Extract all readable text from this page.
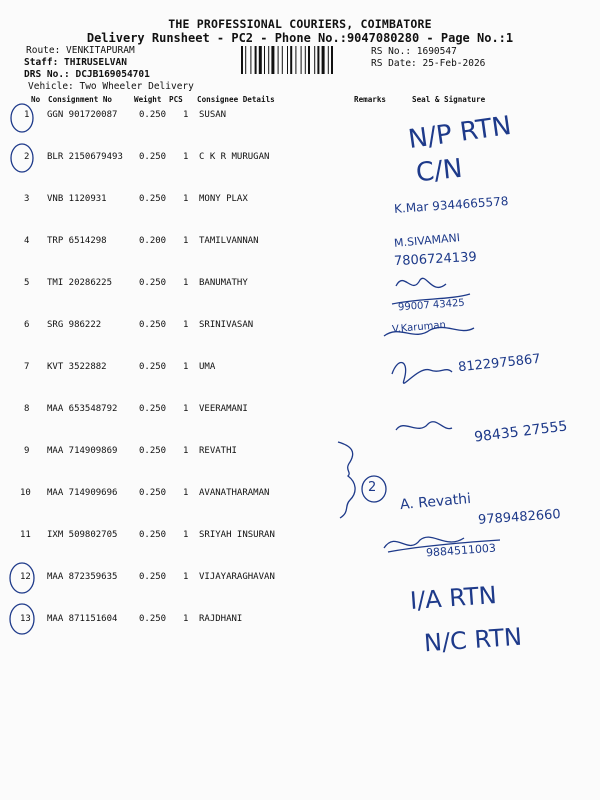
THE PROFESSIONAL COURIERS, COIMBATORE
Delivery Runsheet - PC2 - Phone No.:9047080280 - Page No.:1
Route: VENKITAPURAM
Staff: THIRUSELVAN
DRS No.: DCJB169054701
Vehicle: Two Wheeler Delivery
RS No.: 1690547
RS Date: 25-Feb-2026
No Consignment No	Weight PCS Consignee Details	Remarks	Seal & Signature
1 GGN 901720087 0.250 1 SUSAN
2 BLR 2150679493 0.250 1 C K R MURUGAN
3 VNB 1120931	0.250 1 MONY PLAX
4 TRP 6514298	0.200 1 TAMILVANNAN
5 TMI 20286225	0.250 1 BANUMATHY
6 SRG 986222	0.250 1 SRINIVASAN
7 KVT 3522882	0.250 1 UMA
8 MAA 653548792 0.250 1 VEERAMANI
9 MAA 714909869 0.250 1 REVATHI
10 MAA 714909696 0.250 1 AVANATHARAMAN
11 IXM 509802705 0.250 1 SRIYAH INSURAN
12 MAA 872359635 0.250 1 VIJAYARAGHAVAN
13 MAA 871151604 0.250 1 RAJDHANI
N/P RTN
C/N
K.Mar 9344665578
M.SIVAMANI
7806724139
99007 43425
V.Karuman
8122975867
98435 27555
2
A. Revathi
9789482660
9884511003
I/A RTN
N/C RTN
